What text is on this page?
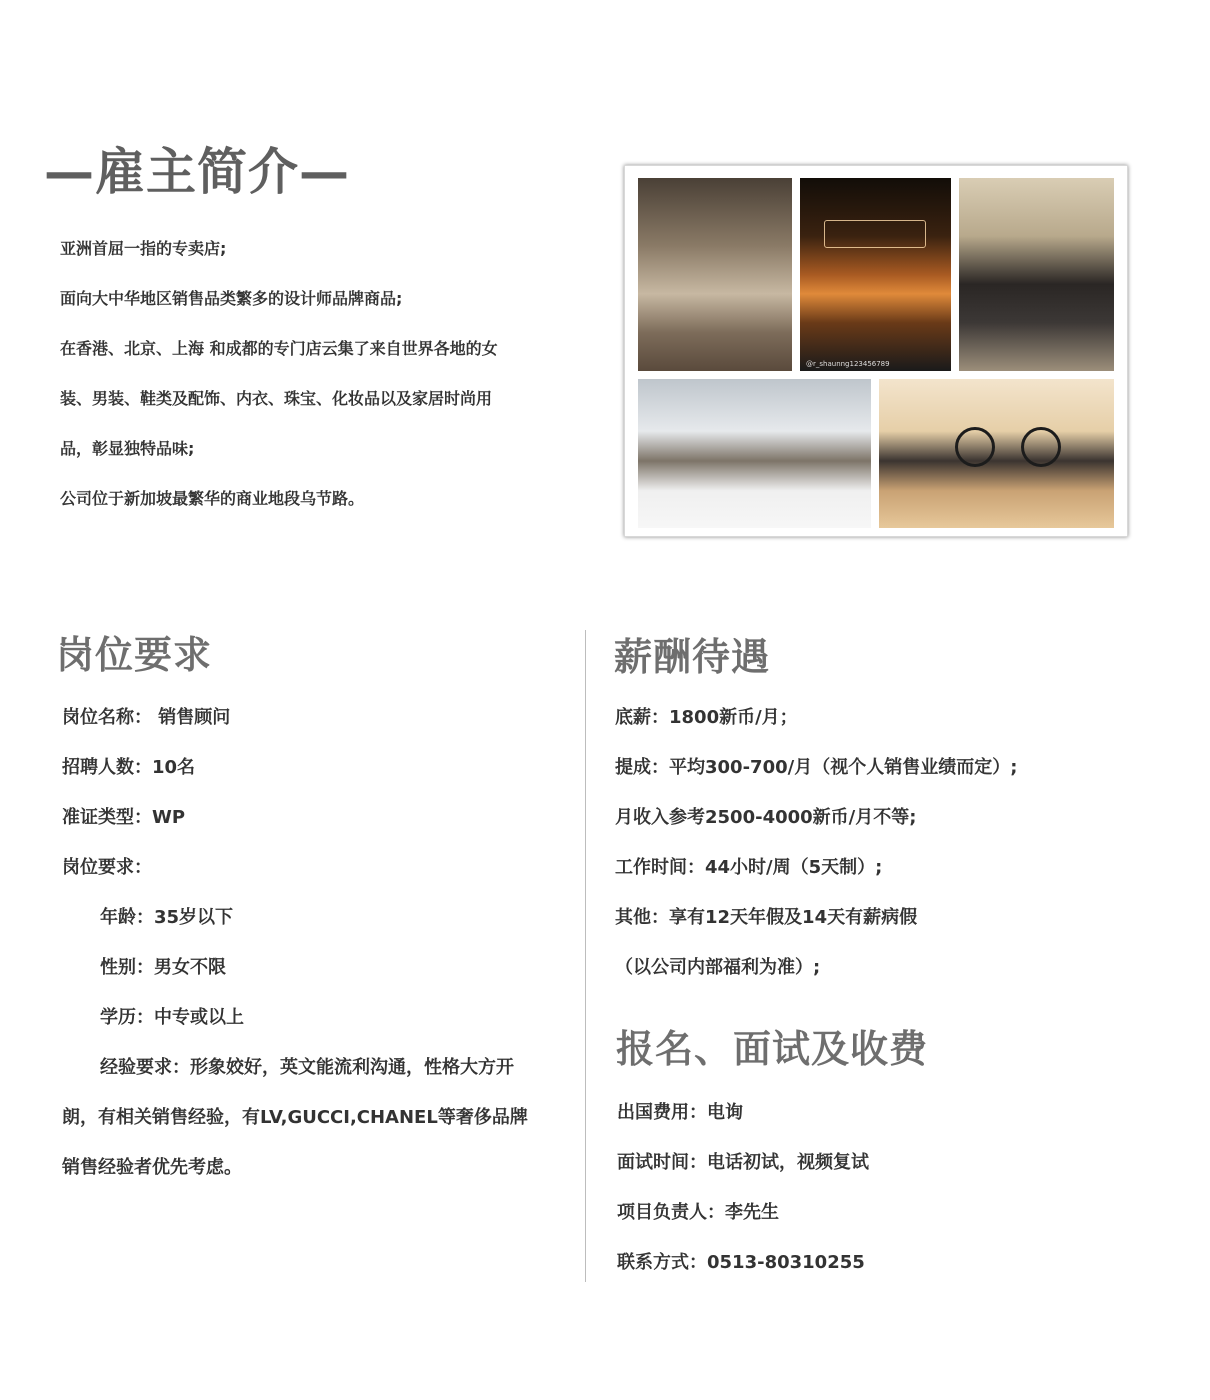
—雇主简介—
亚洲首屈一指的专卖店;
面向大中华地区销售品类繁多的设计师品牌商品;
在香港、北京、上海 和成都的专门店云集了来自世界各地的女
装、男装、鞋类及配饰、内衣、珠宝、化妆品以及家居时尚用
品，彰显独特品味;
公司位于新加坡最繁华的商业地段乌节路。
@r_shaunng123456789
岗位要求
岗位名称： 销售顾问
招聘人数：10名
准证类型：WP
岗位要求：
年龄：35岁以下
性别：男女不限
学历：中专或以上
经验要求：形象姣好，英文能流利沟通，性格大方开
朗，有相关销售经验，有LV,GUCCI,CHANEL等奢侈品牌
销售经验者优先考虑。
薪酬待遇
底薪：1800新币/月；
提成：平均300-700/月（视个人销售业绩而定）;
月收入参考2500-4000新币/月不等;
工作时间：44小时/周（5天制）;
其他：享有12天年假及14天有薪病假
（以公司内部福利为准）;
报名、面试及收费
出国费用：电询
面试时间：电话初试，视频复试
项目负责人：李先生
联系方式：0513-80310255
